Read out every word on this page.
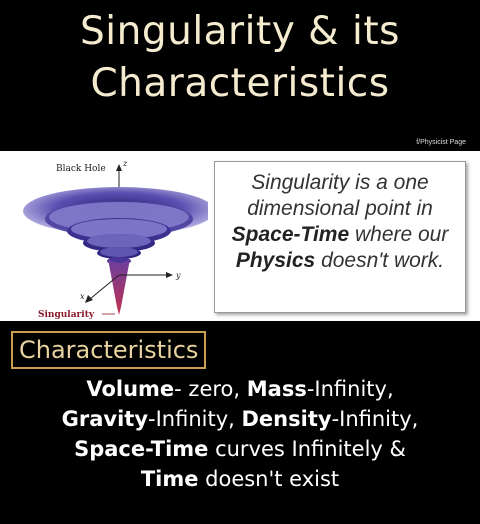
Singularity & its
Characteristics
f/Physicist Page
Black Hole
z
y
x
Singularity
Singularity is a one dimensional point in Space-Time where our Physics doesn't work.
Characteristics
Volume- zero, Mass-Infinity,
Gravity-Infinity, Density-Infinity,
Space-Time curves Infinitely &
Time doesn't exist
